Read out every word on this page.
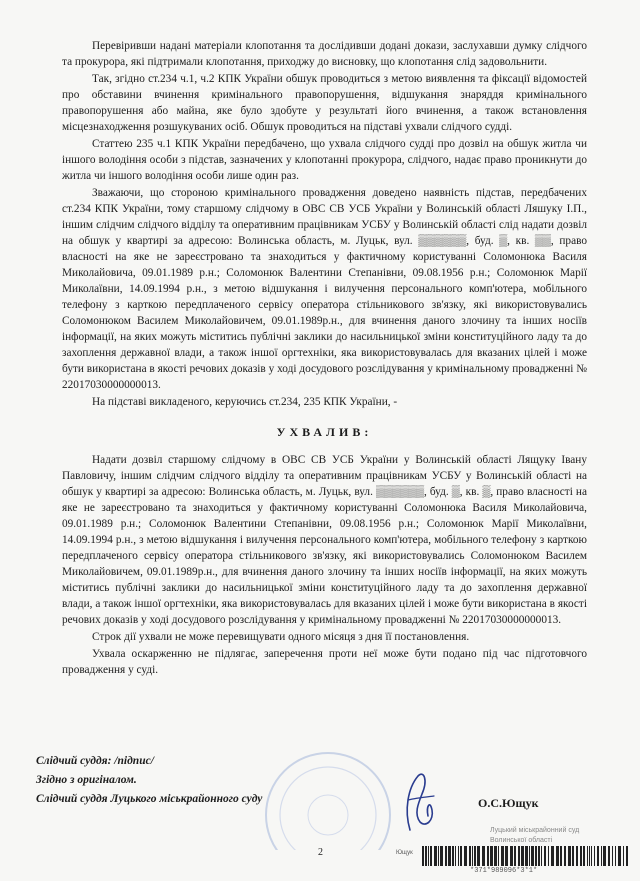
Перевіривши надані матеріали клопотання та дослідивши додані докази, заслухавши думку слідчого та прокурора, які підтримали клопотання, приходжу до висновку, що клопотання слід задовольнити.

Так, згідно ст.234 ч.1, ч.2 КПК України обшук проводиться з метою виявлення та фіксації відомостей про обставини вчинення кримінального правопорушення, відшукання знаряддя кримінального правопорушення або майна, яке було здобуте у результаті його вчинення, а також встановлення місцезнаходження розшукуваних осіб. Обшук проводиться на підставі ухвали слідчого судді.

Статтею 235 ч.1 КПК України передбачено, що ухвала слідчого судді про дозвіл на обшук житла чи іншого володіння особи з підстав, зазначених у клопотанні прокурора, слідчого, надає право проникнути до житла чи іншого володіння особи лише один раз.

Зважаючи, що стороною кримінального провадження доведено наявність підстав, передбачених ст.234 КПК України, тому старшому слідчому в ОВС СВ УСБ України у Волинській області Ляшуку І.П., іншим слідчим слідчого відділу та оперативним працівникам УСБУ у Волинській області слід надати дозвіл на обшук у квартирі за адресою: Волинська область, м. Луцьк, вул. ▒▒▒▒▒▒, буд. ▒, кв. ▒▒, право власності на яке не зареєстровано та знаходиться у фактичному користуванні Соломонюка Василя Миколайовича, 09.01.1989 р.н.; Соломонюк Валентини Степанівни, 09.08.1956 р.н.; Соломонюк Марії Миколаївни, 14.09.1994 р.н., з метою відшукання і вилучення персонального комп'ютера, мобільного телефону з карткою передплаченого сервісу оператора стільникового зв'язку, які використовувались Соломонюком Василем Миколайовичем, 09.01.1989р.н., для вчинення даного злочину та інших носіїв інформації, на яких можуть міститись публічні заклики до насильницької зміни конституційного ладу та до захоплення державної влади, а також іншої оргтехніки, яка використовувалась для вказаних цілей і може бути використана в якості речових доказів у ході досудового розслідування у кримінальному провадженні № 22017030000000013.

На підставі викладеного, керуючись ст.234, 235 КПК України, -

УХВАЛИВ:

Надати дозвіл старшому слідчому в ОВС СВ УСБ України у Волинській області Лящуку Івану Павловичу, іншим слідчим слідчого відділу та оперативним працівникам УСБУ у Волинській області на обшук у квартирі за адресою: Волинська область, м. Луцьк, вул. ▒▒▒▒▒▒, буд. ▒, кв. ▒, право власності на яке не зареєстровано та знаходиться у фактичному користуванні Соломонюка Василя Миколайовича, 09.01.1989 р.н.; Соломонюк Валентини Степанівни, 09.08.1956 р.н.; Соломонюк Марії Миколаївни, 14.09.1994 р.н., з метою відшукання і вилучення персонального комп'ютера, мобільного телефону з карткою передплаченого сервісу оператора стільникового зв'язку, які використовувались Соломонюком Василем Миколайовичем, 09.01.1989р.н., для вчинення даного злочину та інших носіїв інформації, на яких можуть міститись публічні заклики до насильницької зміни конституційного ладу та до захоплення державної влади, а також іншої оргтехніки, яка використовувалась для вказаних цілей і може бути використана в якості речових доказів у ході досудового розслідування у кримінальному провадженні № 22017030000000013.

Строк дії ухвали не може перевищувати одного місяця з дня її постановлення.

Ухвала оскарженню не підлягає, заперечення проти неї може бути подано під час підготовчого провадження у суді.

Слідчий суддя: /підпис/
Згідно з оригіналом.
Слідчий суддя Луцького міськрайонного суду	О.С.Ющук
2
Луцький міськрайонний суд
Волинської області
Ющук
*371*989096*3*1*
